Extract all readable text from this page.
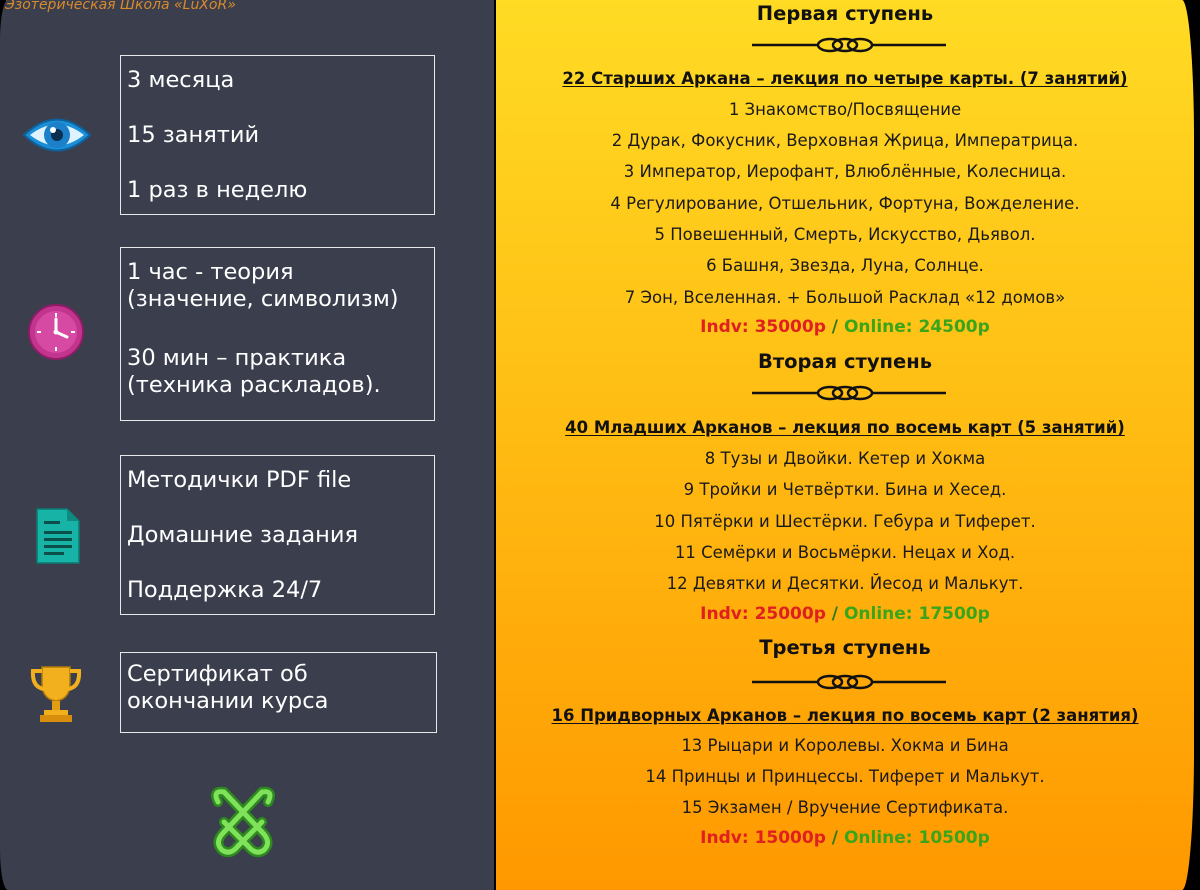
Эзотерическая Школа «LuXoR»

3 месяца

15 занятий

1 раз в неделю

1 час - теория

(значение, символизм)

30 мин – практика

(техника раскладов).

Методички PDF file

Домашние задания

Поддержка 24/7

Сертификат об

окончании курса

Первая ступень
22 Старших Аркана – лекция по четыре карты. (7 занятий)
1 Знакомство/Посвящение
2 Дурак, Фокусник, Верховная Жрица, Императрица.
3 Император, Иерофант, Влюблённые, Колесница.
4 Регулирование, Отшельник, Фортуна, Вожделение.
5 Повешенный, Смерть, Искусство, Дьявол.
6 Башня, Звезда, Луна, Солнце.
7 Эон, Вселенная. + Большой Расклад «12 домов»
Indv: 35000р / Online: 24500р
Вторая ступень
40 Младших Арканов – лекция по восемь карт (5 занятий)
8 Тузы и Двойки. Кетер и Хокма
9 Тройки и Четвёртки. Бина и Хесед.
10 Пятёрки и Шестёрки. Гебура и Тиферет.
11 Семёрки и Восьмёрки. Нецах и Ход.
12 Девятки и Десятки. Йесод и Малькут.
Indv: 25000р / Online: 17500р
Третья ступень
16 Придворных Арканов – лекция по восемь карт (2 занятия)
13 Рыцари и Королевы. Хокма и Бина
14 Принцы и Принцессы. Тиферет и Малькут.
15 Экзамен / Вручение Сертификата.
Indv: 15000р / Online: 10500р
